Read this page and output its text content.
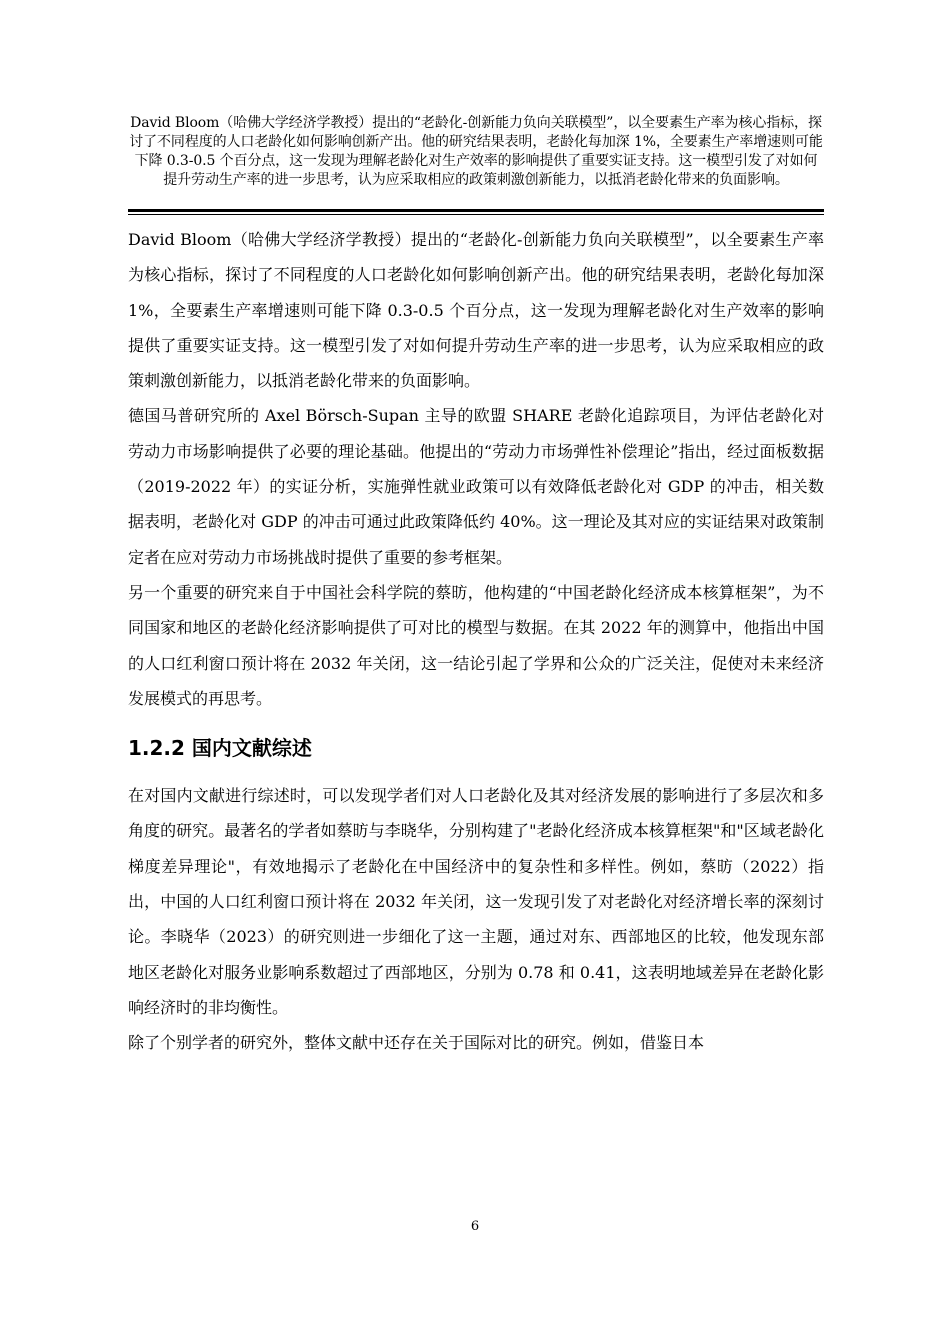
David Bloom（哈佛大学经济学教授）提出的“老龄化-创新能力负向关联模型”，以全要素生产率为核心指标，探讨了不同程度的人口老龄化如何影响创新产出。他的研究结果表明，老龄化每加深 1%，全要素生产率增速则可能下降 0.3-0.5 个百分点，这一发现为理解老龄化对生产效率的影响提供了重要实证支持。这一模型引发了对如何提升劳动生产率的进一步思考，认为应采取相应的政策刺激创新能力，以抵消老龄化带来的负面影响。

David Bloom（哈佛大学经济学教授）提出的“老龄化-创新能力负向关联模型”，以全要素生产率为核心指标，探讨了不同程度的人口老龄化如何影响创新产出。他的研究结果表明，老龄化每加深 1%，全要素生产率增速则可能下降 0.3-0.5 个百分点，这一发现为理解老龄化对生产效率的影响提供了重要实证支持。这一模型引发了对如何提升劳动生产率的进一步思考，认为应采取相应的政策刺激创新能力，以抵消老龄化带来的负面影响。

德国马普研究所的 Axel Börsch-Supan 主导的欧盟 SHARE 老龄化追踪项目，为评估老龄化对劳动力市场影响提供了必要的理论基础。他提出的“劳动力市场弹性补偿理论”指出，经过面板数据（2019-2022 年）的实证分析，实施弹性就业政策可以有效降低老龄化对 GDP 的冲击，相关数据表明，老龄化对 GDP 的冲击可通过此政策降低约 40%。这一理论及其对应的实证结果对政策制定者在应对劳动力市场挑战时提供了重要的参考框架。

另一个重要的研究来自于中国社会科学院的蔡昉，他构建的“中国老龄化经济成本核算框架”，为不同国家和地区的老龄化经济影响提供了可对比的模型与数据。在其 2022 年的测算中，他指出中国的人口红利窗口预计将在 2032 年关闭，这一结论引起了学界和公众的广泛关注，促使对未来经济发展模式的再思考。

1.2.2 国内文献综述

在对国内文献进行综述时，可以发现学者们对人口老龄化及其对经济发展的影响进行了多层次和多角度的研究。最著名的学者如蔡昉与李晓华，分别构建了"老龄化经济成本核算框架"和"区域老龄化梯度差异理论"，有效地揭示了老龄化在中国经济中的复杂性和多样性。例如，蔡昉（2022）指出，中国的人口红利窗口预计将在 2032 年关闭，这一发现引发了对老龄化对经济增长率的深刻讨论。李晓华（2023）的研究则进一步细化了这一主题，通过对东、西部地区的比较，他发现东部地区老龄化对服务业影响系数超过了西部地区，分别为 0.78 和 0.41，这表明地域差异在老龄化影响经济时的非均衡性。

除了个别学者的研究外，整体文献中还存在关于国际对比的研究。例如，借鉴日本

6
